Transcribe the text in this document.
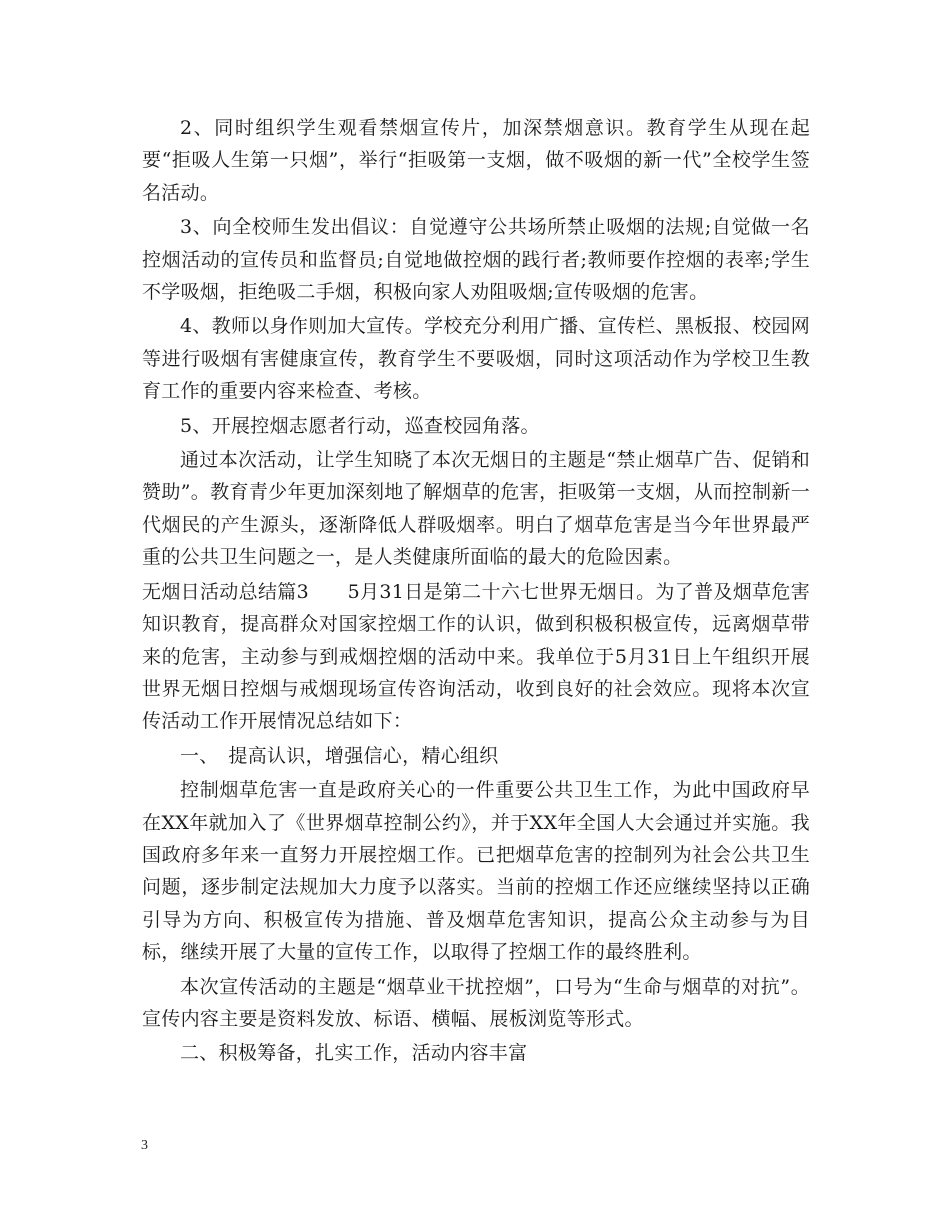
2、同时组织学生观看禁烟宣传片，加深禁烟意识。教育学生从现在起要“拒吸人生第一只烟”，举行“拒吸第一支烟，做不吸烟的新一代”全校学生签名活动。

3、向全校师生发出倡议：自觉遵守公共场所禁止吸烟的法规;自觉做一名控烟活动的宣传员和监督员;自觉地做控烟的践行者;教师要作控烟的表率;学生不学吸烟，拒绝吸二手烟，积极向家人劝阻吸烟;宣传吸烟的危害。

4、教师以身作则加大宣传。学校充分利用广播、宣传栏、黑板报、校园网等进行吸烟有害健康宣传，教育学生不要吸烟，同时这项活动作为学校卫生教育工作的重要内容来检查、考核。

5、开展控烟志愿者行动，巡查校园角落。

通过本次活动，让学生知晓了本次无烟日的主题是“禁止烟草广告、促销和赞助”。教育青少年更加深刻地了解烟草的危害，拒吸第一支烟，从而控制新一代烟民的产生源头，逐渐降低人群吸烟率。明白了烟草危害是当今年世界最严重的公共卫生问题之一，是人类健康所面临的最大的危险因素。

无烟日活动总结篇3　　5月31日是第二十六七世界无烟日。为了普及烟草危害知识教育，提高群众对国家控烟工作的认识，做到积极积极宣传，远离烟草带来的危害，主动参与到戒烟控烟的活动中来。我单位于5月31日上午组织开展世界无烟日控烟与戒烟现场宣传咨询活动，收到良好的社会效应。现将本次宣传活动工作开展情况总结如下：

一、　提高认识，增强信心，精心组织

控制烟草危害一直是政府关心的一件重要公共卫生工作，为此中国政府早在XX年就加入了《世界烟草控制公约》，并于XX年全国人大会通过并实施。我国政府多年来一直努力开展控烟工作。已把烟草危害的控制列为社会公共卫生问题，逐步制定法规加大力度予以落实。当前的控烟工作还应继续坚持以正确引导为方向、积极宣传为措施、普及烟草危害知识，提高公众主动参与为目标，继续开展了大量的宣传工作，以取得了控烟工作的最终胜利。

本次宣传活动的主题是“烟草业干扰控烟”，口号为“生命与烟草的对抗”。宣传内容主要是资料发放、标语、横幅、展板浏览等形式。

二、积极筹备，扎实工作，活动内容丰富

3
